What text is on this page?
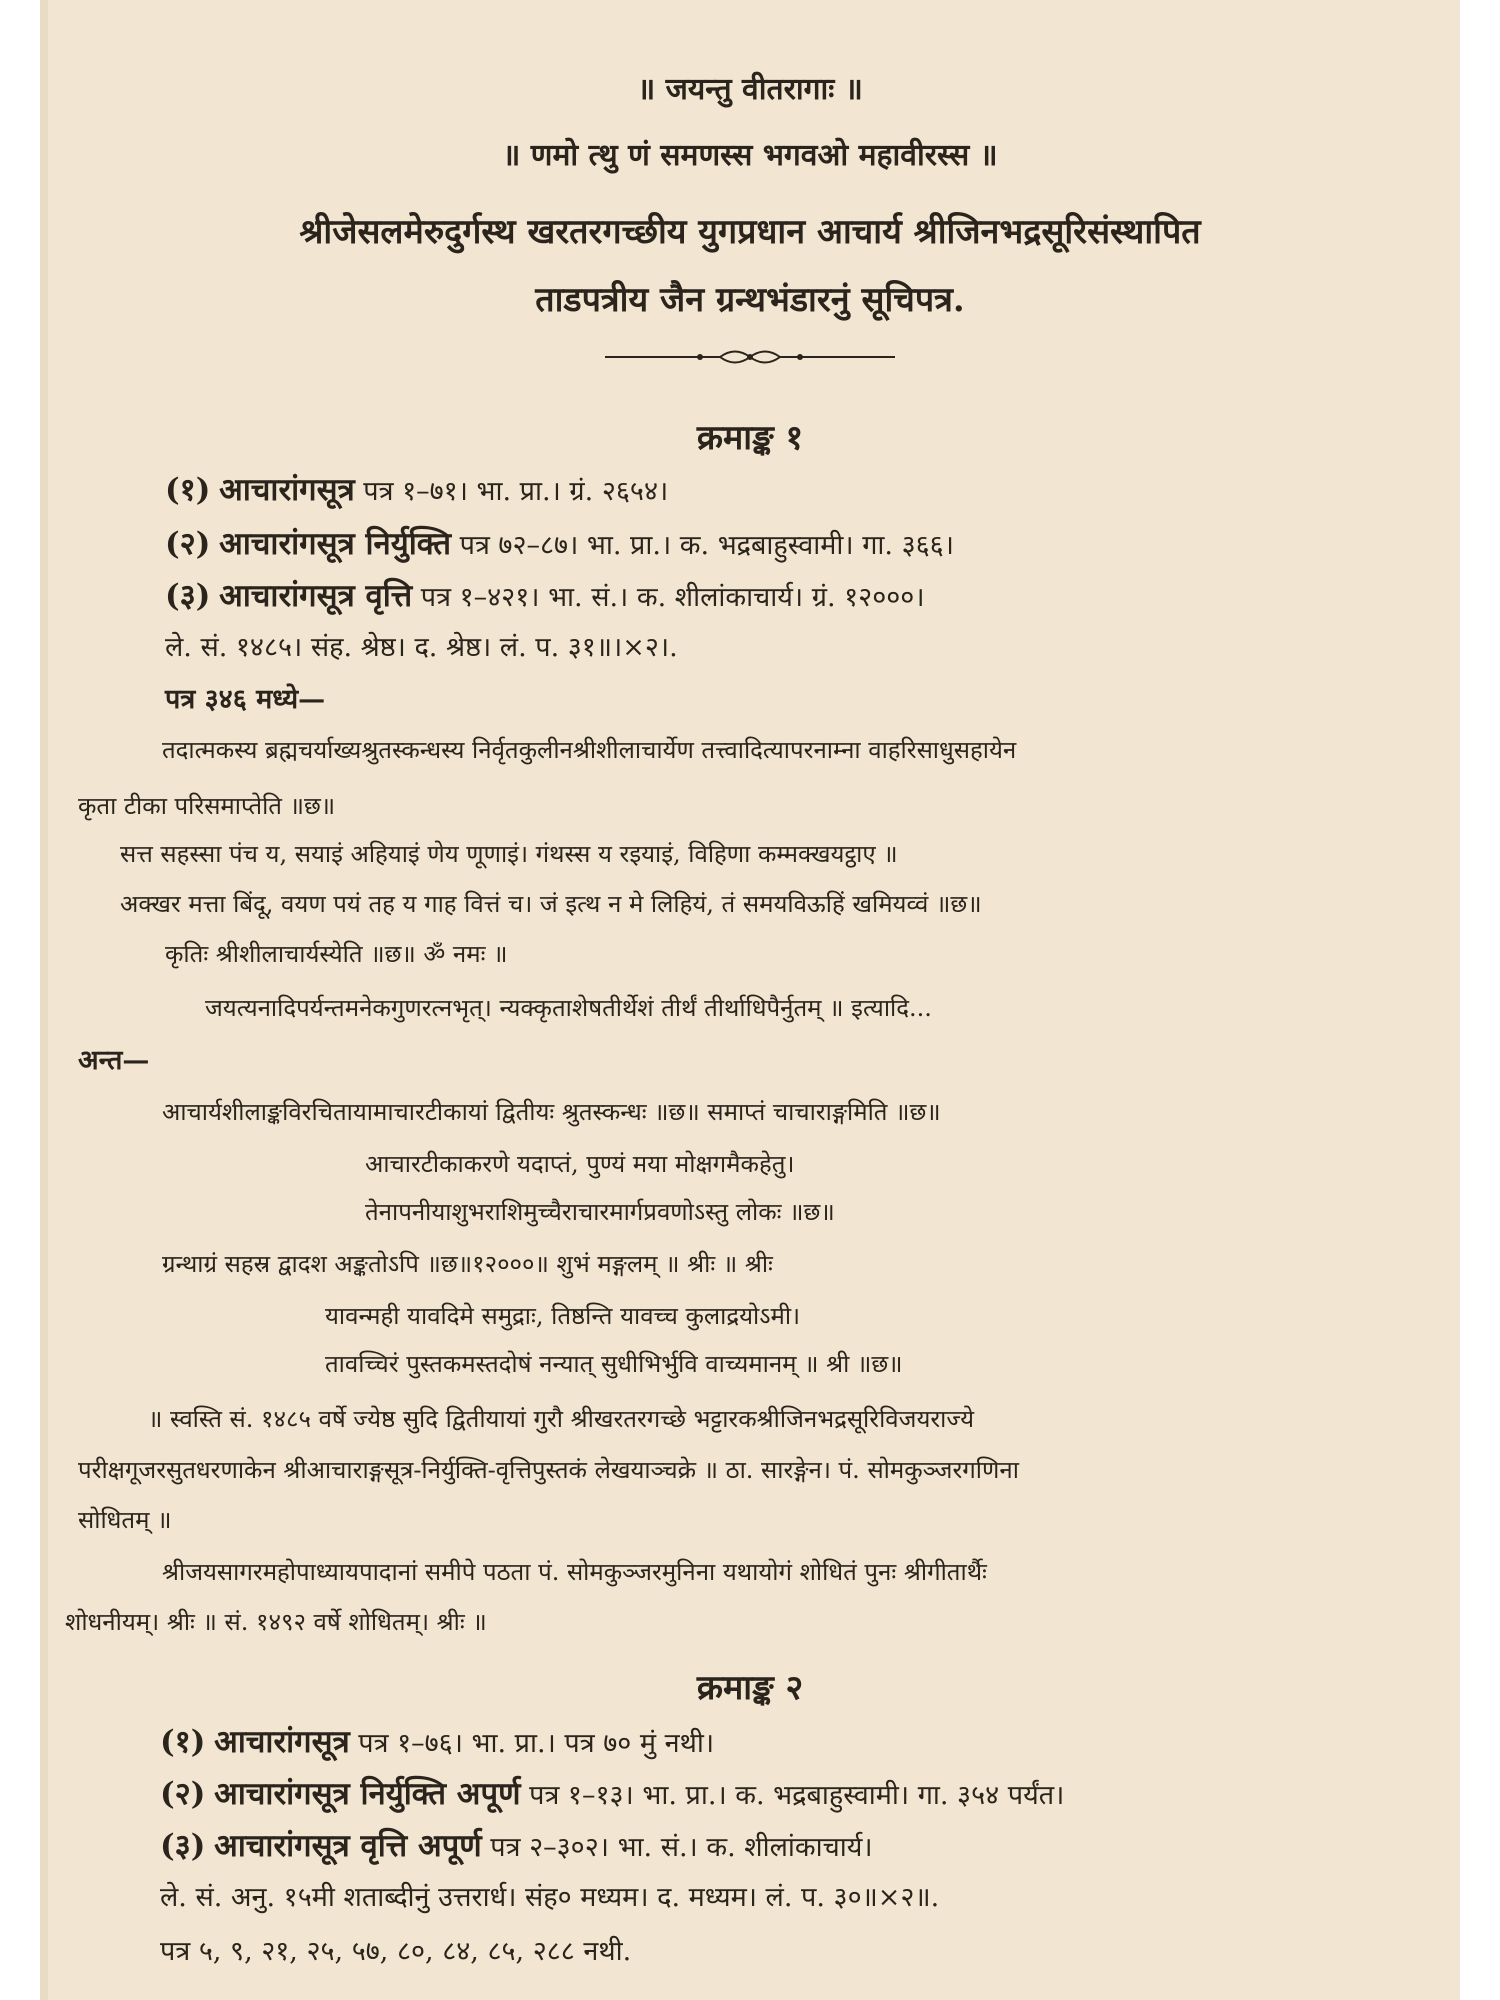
॥ जयन्तु वीतरागाः ॥
॥ णमो त्थु णं समणस्स भगवओ महावीरस्स ॥
श्रीजेसलमेरुदुर्गस्थ खरतरगच्छीय युगप्रधान आचार्य श्रीजिनभद्रसूरिसंस्थापित
ताडपत्रीय जैन ग्रन्थभंडारनुं सूचिपत्र.
क्रमाङ्क १
(१) आचारांगसूत्र पत्र १–७१। भा. प्रा.। ग्रं. २६५४।
(२) आचारांगसूत्र निर्युक्ति पत्र ७२–८७। भा. प्रा.। क. भद्रबाहुस्वामी। गा. ३६६।
(३) आचारांगसूत्र वृत्ति पत्र १–४२१। भा. सं.। क. शीलांकाचार्य। ग्रं. १२०००।
ले. सं. १४८५। संह. श्रेष्ठ। द. श्रेष्ठ। लं. प. ३१॥।×२।.
पत्र ३४६ मध्ये—
तदात्मकस्य ब्रह्मचर्याख्यश्रुतस्कन्धस्य निर्वृतकुलीनश्रीशीलाचार्येण तत्त्वादित्यापरनाम्ना वाहरिसाधुसहायेन
कृता टीका परिसमाप्तेति ॥छ॥
सत्त सहस्सा पंच य, सयाइं अहियाइं णेय णूणाइं। गंथस्स य रइयाइं, विहिणा कम्मक्खयट्ठाए ॥
अक्खर मत्ता बिंदू, वयण पयं तह य गाह वित्तं च। जं इत्थ न मे लिहियं, तं समयविऊहिं खमियव्वं ॥छ॥
कृतिः श्रीशीलाचार्यस्येति ॥छ॥ ॐ नमः ॥
जयत्यनादिपर्यन्तमनेकगुणरत्नभृत्। न्यक्कृताशेषतीर्थेशं तीर्थं तीर्थाधिपैर्नुतम् ॥ इत्यादि...
अन्त—
आचार्यशीलाङ्कविरचितायामाचारटीकायां द्वितीयः श्रुतस्कन्धः ॥छ॥ समाप्तं चाचाराङ्गमिति ॥छ॥
आचारटीकाकरणे यदाप्तं, पुण्यं मया मोक्षगमैकहेतु।
तेनापनीयाशुभराशिमुच्चैराचारमार्गप्रवणोऽस्तु लोकः ॥छ॥
ग्रन्थाग्रं सहस्र द्वादश अङ्कतोऽपि ॥छ॥१२०००॥ शुभं मङ्गलम् ॥ श्रीः ॥ श्रीः
यावन्मही यावदिमे समुद्राः, तिष्ठन्ति यावच्च कुलाद्रयोऽमी।
तावच्चिरं पुस्तकमस्तदोषं नन्यात् सुधीभिर्भुवि वाच्यमानम् ॥ श्री ॥छ॥
॥ स्वस्ति सं. १४८५ वर्षे ज्येष्ठ सुदि द्वितीयायां गुरौ श्रीखरतरगच्छे भट्टारकश्रीजिनभद्रसूरिविजयराज्ये
परीक्षगूजरसुतधरणाकेन श्रीआचाराङ्गसूत्र-निर्युक्ति-वृत्तिपुस्तकं लेखयाञ्चक्रे ॥ ठा. सारङ्गेन। पं. सोमकुञ्जरगणिना
सोधितम् ॥
श्रीजयसागरमहोपाध्यायपादानां समीपे पठता पं. सोमकुञ्जरमुनिना यथायोगं शोधितं पुनः श्रीगीतार्थैः
शोधनीयम्। श्रीः ॥ सं. १४९२ वर्षे शोधितम्। श्रीः ॥
क्रमाङ्क २
(१) आचारांगसूत्र पत्र १–७६। भा. प्रा.। पत्र ७० मुं नथी।
(२) आचारांगसूत्र निर्युक्ति अपूर्ण पत्र १–१३। भा. प्रा.। क. भद्रबाहुस्वामी। गा. ३५४ पर्यंत।
(३) आचारांगसूत्र वृत्ति अपूर्ण पत्र २–३०२। भा. सं.। क. शीलांकाचार्य।
ले. सं. अनु. १५मी शताब्दीनुं उत्तरार्ध। संह० मध्यम। द. मध्यम। लं. प. ३०॥×२॥.
पत्र ५, ९, २१, २५, ५७, ८०, ८४, ८५, २८८ नथी.
